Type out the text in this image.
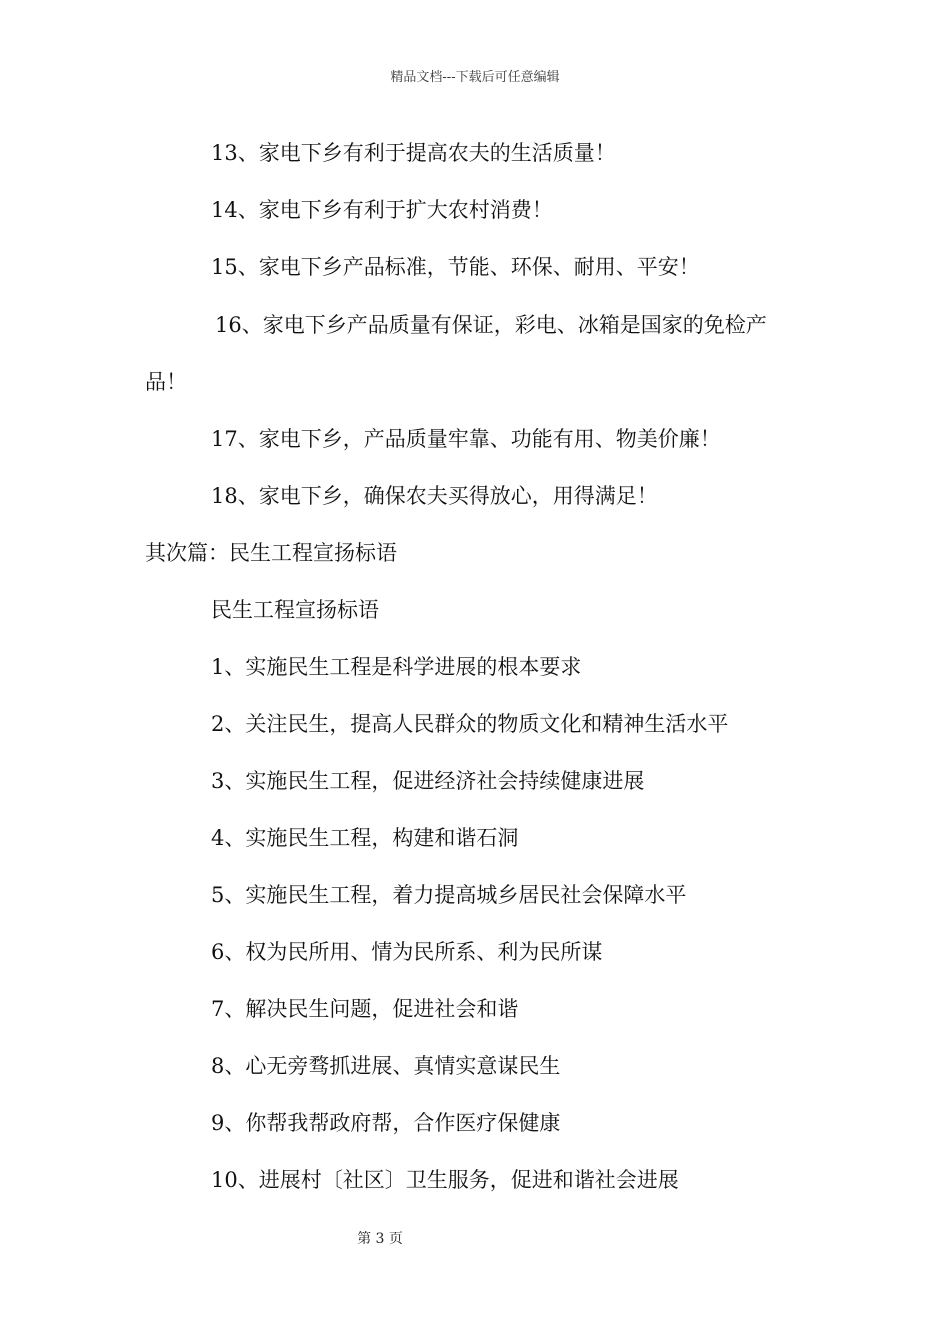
精品文档---下载后可任意编辑
13、家电下乡有利于提高农夫的生活质量！
14、家电下乡有利于扩大农村消费！
15、家电下乡产品标准，节能、环保、耐用、平安！
16、家电下乡产品质量有保证，彩电、冰箱是国家的免检产
品！
17、家电下乡，产品质量牢靠、功能有用、物美价廉！
18、家电下乡，确保农夫买得放心，用得满足！
其次篇：民生工程宣扬标语
民生工程宣扬标语
1、实施民生工程是科学进展的根本要求
2、关注民生，提高人民群众的物质文化和精神生活水平
3、实施民生工程，促进经济社会持续健康进展
4、实施民生工程，构建和谐石洞
5、实施民生工程，着力提高城乡居民社会保障水平
6、权为民所用、情为民所系、利为民所谋
7、解决民生问题，促进社会和谐
8、心无旁骛抓进展、真情实意谋民生
9、你帮我帮政府帮，合作医疗保健康
10、进展村〔社区〕卫生服务，促进和谐社会进展
第 3 页
